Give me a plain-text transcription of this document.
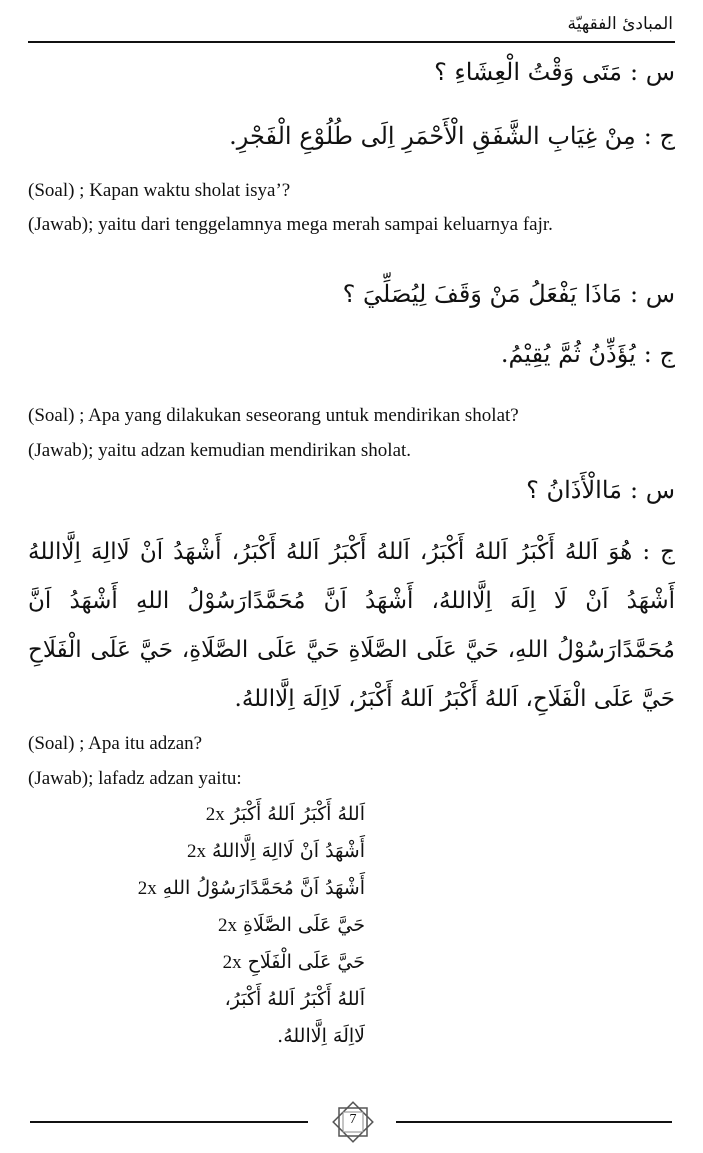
المبادئ الفقهيّة
س :مَتَى وَقْتُ الْعِشَاءِ ؟
ج :مِنْ غِيَابِ الشَّفَقِ الْأَحْمَرِ اِلَى طُلُوْعِ الْفَجْرِ.
(Soal) ; Kapan waktu sholat isya’?
(Jawab); yaitu dari tenggelamnya mega merah sampai keluarnya fajr.
س :مَاذَا يَفْعَلُ مَنْ وَقَفَ لِيُصَلِّيَ ؟
ج :يُؤَذِّنُ ثُمَّ يُقِيْمُ.
(Soal) ; Apa yang dilakukan seseorang untuk mendirikan sholat?
(Jawab); yaitu adzan kemudian mendirikan sholat.
س :مَاالْأَذَانُ ؟
ج : هُوَ اَللهُ أَكْبَرُ اَللهُ أَكْبَرُ، اَللهُ أَكْبَرُ اَللهُ أَكْبَرُ، أَشْهَدُ اَنْ لَاالِهَ اِلَّااللهُ أَشْهَدُ اَنْ لَا اِلَهَ اِلَّااللهُ، أَشْهَدُ اَنَّ مُحَمَّدًارَسُوْلُ اللهِ أَشْهَدُ اَنَّ مُحَمَّدًارَسُوْلُ اللهِ، حَيَّ عَلَى الصَّلَاةِ حَيَّ عَلَى الصَّلَاةِ، حَيَّ عَلَى الْفَلَاحِ حَيَّ عَلَى الْفَلَاحِ، اَللهُ أَكْبَرُ اَللهُ أَكْبَرُ، لَااِلَهَ اِلَّااللهُ.
(Soal) ; Apa itu adzan?
(Jawab); lafadz adzan yaitu:
اَللهُ أَكْبَرُ اَللهُ أَكْبَرُ2x
أَشْهَدُ اَنْ لَاالِهَ اِلَّااللهُ2x
أَشْهَدُ اَنَّ مُحَمَّدًارَسُوْلُ اللهِ2x
حَيَّ عَلَى الصَّلَاةِ2x
حَيَّ عَلَى الْفَلَاحِ2x
اَللهُ أَكْبَرُ اَللهُ أَكْبَرُ،
لَااِلَهَ اِلَّااللهُ.
7
